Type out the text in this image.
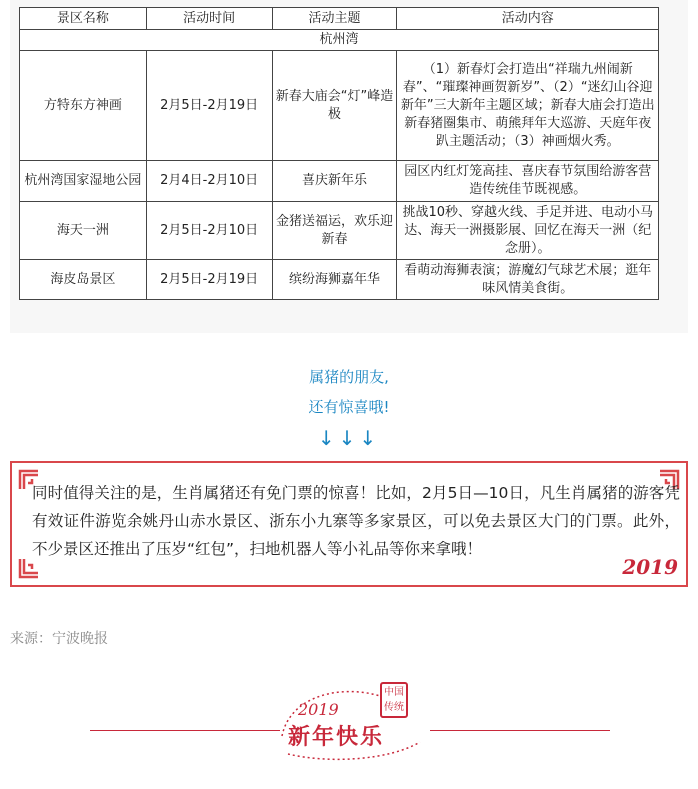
景区名称	活动时间	活动主题	活动内容
杭州湾			
方特东方神画	2月5日-2月19日	新春大庙会“灯”峰造极	（1）新春灯会打造出“祥瑞九州闹新春”、“璀璨神画贺新岁”、（2）“迷幻山谷迎新年”三大新年主题区域；新春大庙会打造出新春猪圈集市、萌熊拜年大巡游、天庭年夜趴主题活动；（3）神画烟火秀。
杭州湾国家湿地公园	2月4日-2月10日	喜庆新年乐	园区内红灯笼高挂、喜庆春节氛围给游客营造传统佳节既视感。
海天一洲	2月5日-2月10日	金猪送福运，欢乐迎新春	挑战10秒、穿越火线、手足并进、电动小马达、海天一洲摄影展、回忆在海天一洲（纪念册）。
海皮岛景区	2月5日-2月19日	缤纷海狮嘉年华	看萌动海狮表演；游魔幻气球艺术展；逛年味风情美食街。
属猪的朋友,
还有惊喜哦!
↓↓↓
同时值得关注的是，生肖属猪还有免门票的惊喜！比如，2月5日—10日，凡生肖属猪的游客凭有效证件游览余姚丹山赤水景区、浙东小九寨等多家景区，可以免去景区大门的门票。此外，不少景区还推出了压岁“红包”，扫地机器人等小礼品等你来拿哦！
2019
来源：宁波晚报
2019
新年快乐
中国传统
